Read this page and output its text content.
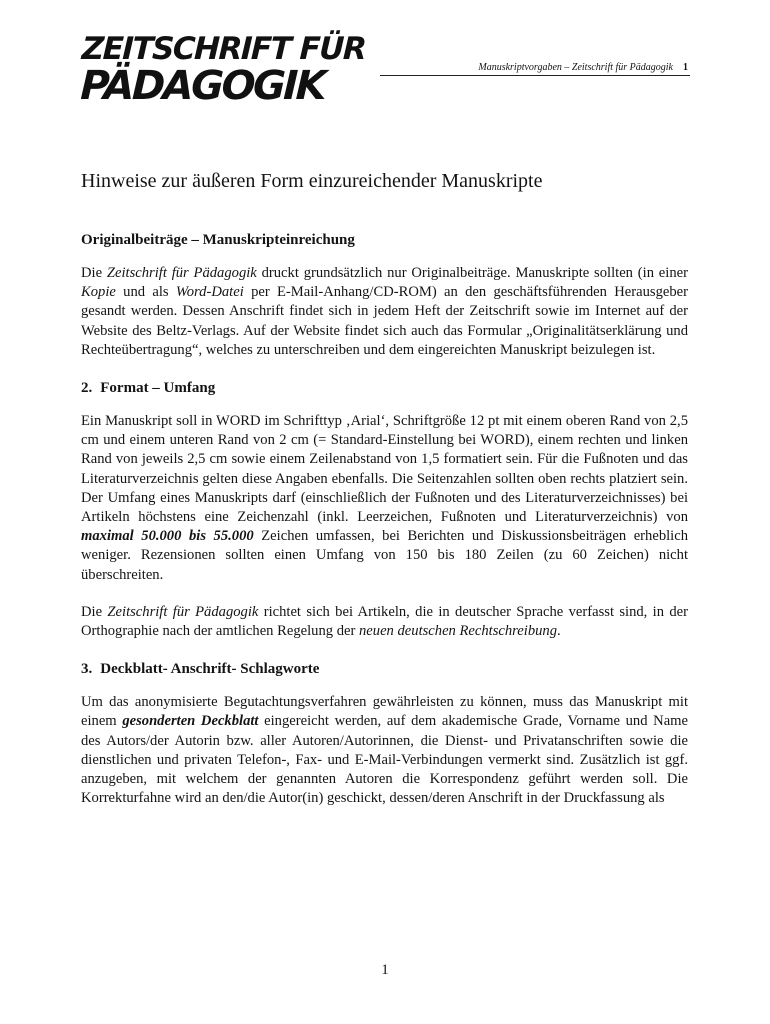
ZEITSCHRIFT FÜR
PÄDAGOGIK	Manuskriptvorgaben – Zeitschrift für Pädagogik 1
Hinweise zur äußeren Form einzureichender Manuskripte
Originalbeiträge – Manuskripteinreichung

Die Zeitschrift für Pädagogik druckt grundsätzlich nur Originalbeiträge. Manuskripte sollten (in einer Kopie und als Word-Datei per E-Mail-Anhang/CD-ROM) an den geschäftsführenden Herausgeber gesandt werden. Dessen Anschrift findet sich in jedem Heft der Zeitschrift sowie im Internet auf der Website des Beltz-Verlags. Auf der Website findet sich auch das Formular „Originalitätserklärung und Rechteübertragung“, welches zu unterschreiben und dem eingereichten Manuskript beizulegen ist.

2. Format – Umfang

Ein Manuskript soll in WORD im Schrifttyp ‚Arial‘, Schriftgröße 12 pt mit einem oberen Rand von 2,5 cm und einem unteren Rand von 2 cm (= Standard-Einstellung bei WORD), einem rechten und linken Rand von jeweils 2,5 cm sowie einem Zeilenabstand von 1,5 formatiert sein. Für die Fußnoten und das Literaturverzeichnis gelten diese Angaben ebenfalls. Die Seitenzahlen sollten oben rechts platziert sein. Der Umfang eines Manuskripts darf (einschließlich der Fußnoten und des Literaturverzeichnisses) bei Artikeln höchstens eine Zeichenzahl (inkl. Leerzeichen, Fußnoten und Literaturverzeichnis) von maximal 50.000 bis 55.000 Zeichen umfassen, bei Berichten und Diskussionsbeiträgen erheblich weniger. Rezensionen sollten einen Umfang von 150 bis 180 Zeilen (zu 60 Zeichen) nicht überschreiten.

Die Zeitschrift für Pädagogik richtet sich bei Artikeln, die in deutscher Sprache verfasst sind, in der Orthographie nach der amtlichen Regelung der neuen deutschen Rechtschreibung.

3. Deckblatt- Anschrift- Schlagworte

Um das anonymisierte Begutachtungsverfahren gewährleisten zu können, muss das Manuskript mit einem gesonderten Deckblatt eingereicht werden, auf dem akademische Grade, Vorname und Name des Autors/der Autorin bzw. aller Autoren/Autorinnen, die Dienst- und Privatanschriften sowie die dienstlichen und privaten Telefon-, Fax- und E-Mail-Verbindungen vermerkt sind. Zusätzlich ist ggf. anzugeben, mit welchem der genannten Autoren die Korrespondenz geführt werden soll. Die Korrekturfahne wird an den/die Autor(in) geschickt, dessen/deren Anschrift in der Druckfassung als

1
